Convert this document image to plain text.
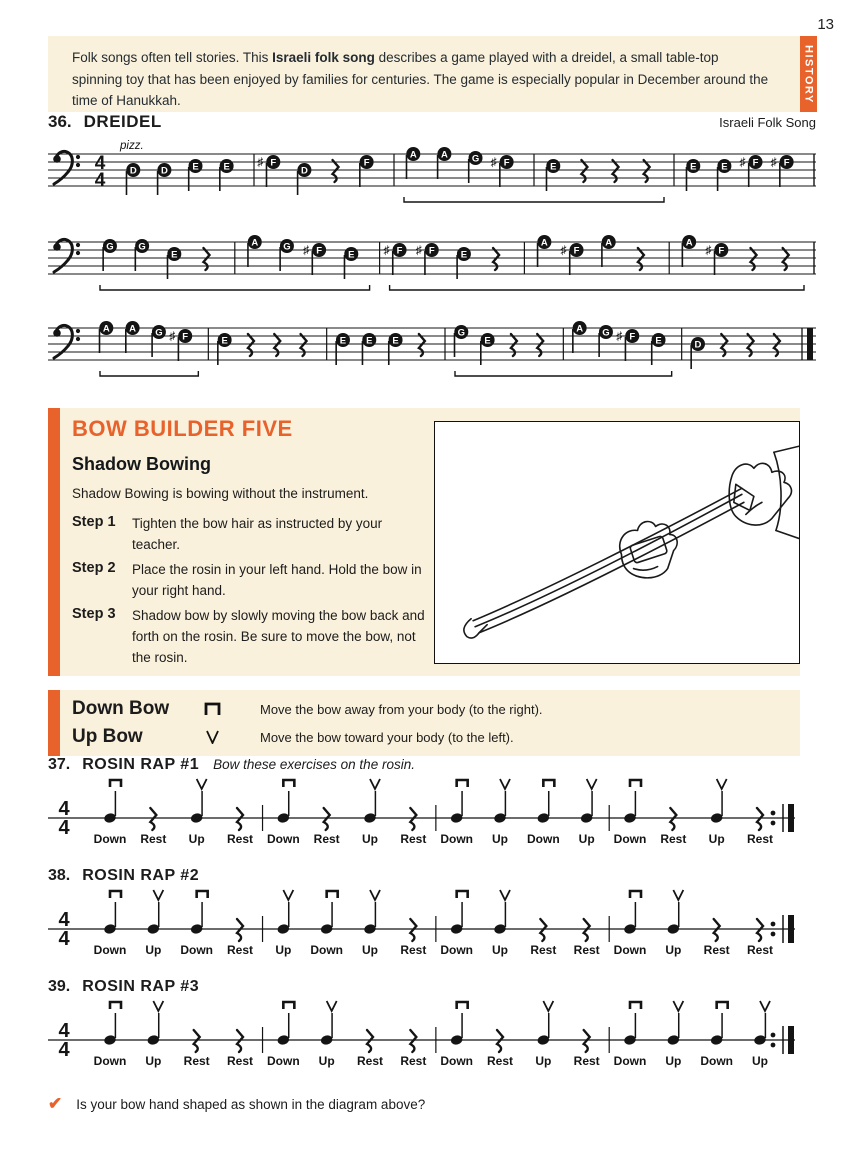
13
Folk songs often tell stories. This Israeli folk song describes a game played with a dreidel, a small table-top spinning toy that has been enjoyed by families for centuries. The game is especially popular in December around the time of Hanukkah.	HISTORY
36. DREIDEL	Israeli Folk Song
4
4
pizz.
D	D	E	E	F
♯
D
F
A	A	G	F
♯	E	E	E	F
♯	F
♯
G	G
E
A	G	F
♯	E	F
♯	F
♯	E
A
F
♯	A	A
F
♯
A A G F
♯	E	E E E
G
E
A G F
♯	E	D
BOW BUILDER FIVE
Shadow Bowing
Shadow Bowing is bowing without the instrument.
Step 1	Tighten the bow hair as instructed by your teacher.
Step 2	Place the rosin in your left hand. Hold the bow in your right hand.
Step 3	Shadow bow by slowly moving the bow back and forth on the rosin. Be sure to move the bow, not the rosin.
Down Bow	Move the bow away from your body (to the right).
Up Bow	Move the bow toward your body (to the left).
37. ROSIN RAP #1 Bow these exercises on the rosin.
4
4 Down Rest Up Rest Down Rest Up Rest Down Up Down Up Down Rest Up Rest
38. ROSIN RAP #2
4
4 Down Up Down Rest Up Down Up Rest Down Up Rest Rest Down Up Rest Rest
39. ROSIN RAP #3
4
4 Down Up Rest Rest Down Up Rest Rest Down Rest Up Rest Down Up Down Up
✔ Is your bow hand shaped as shown in the diagram above?
